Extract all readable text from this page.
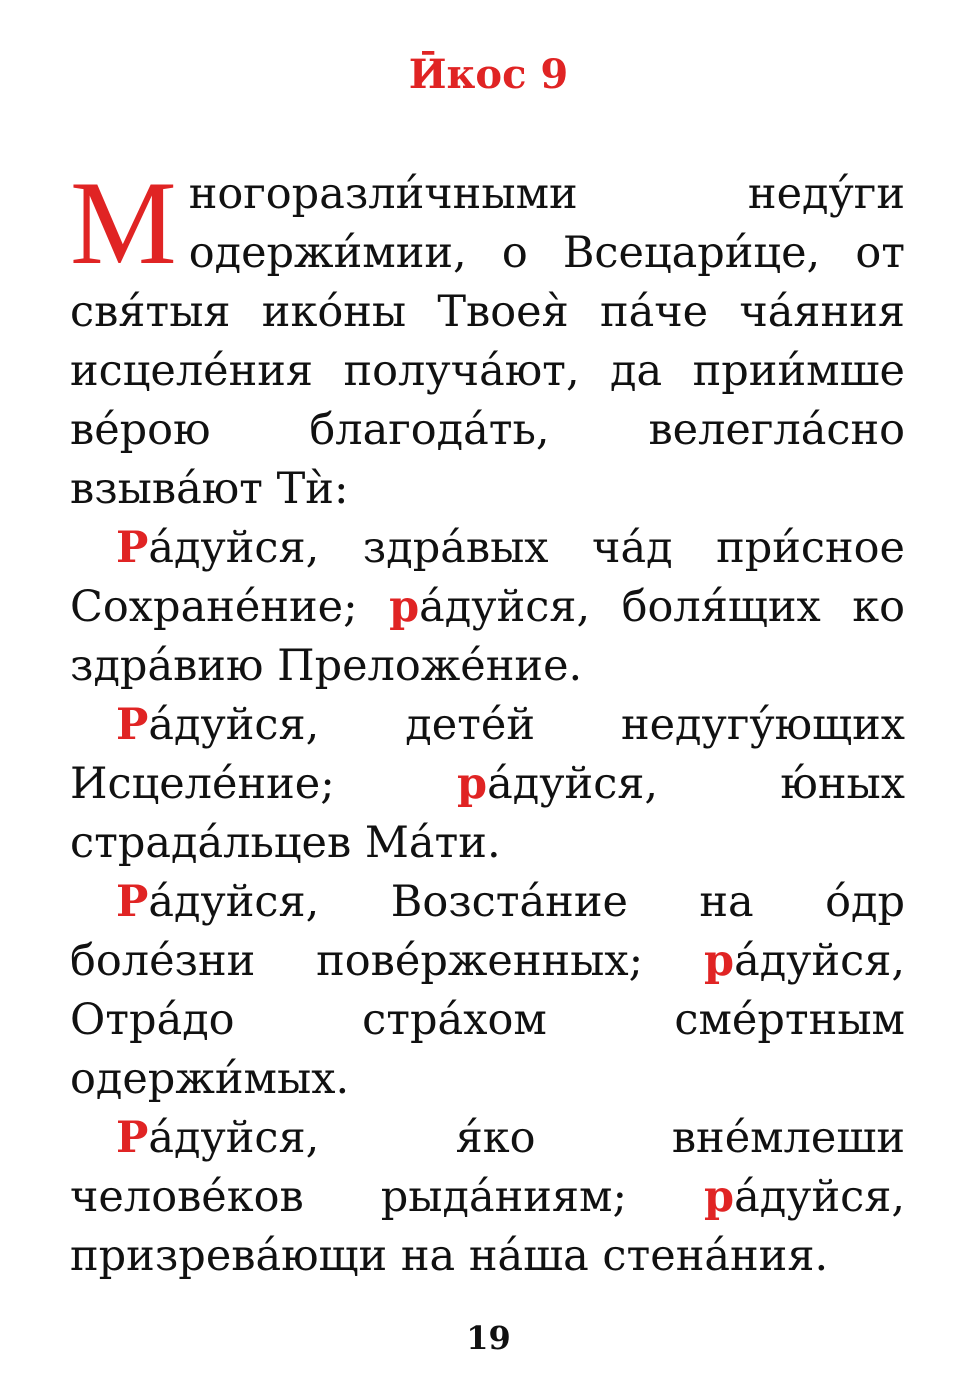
Ӣкос 9

Многоразли́чными неду́ги одержи́мии, о Всецари́це, от свя́тыя ико́ны Твоея̀ па́че ча́яния исцеле́ния получа́ют, да прии́мше ве́рою благода́ть, велегла́сно взыва́ют Тѝ:

Ра́дуйся, здра́вых ча́д при́сное Сохране́ние; ра́дуйся, боля́щих ко здра́вию Преложе́ние.

Ра́дуйся, дете́й недугу́ющих Исцеле́ние;	ра́дуйся, ю́ных страда́льцев Ма́ти.

Ра́дуйся, Возста́ние на о́др боле́зни пове́рженных; ра́дуйся, Отра́до стра́хом сме́ртным одержи́мых.

Ра́дуйся, я́ко вне́млеши челове́ков рыда́ниям; ра́дуйся, призрева́ющи на на́ша стена́ния.

19
